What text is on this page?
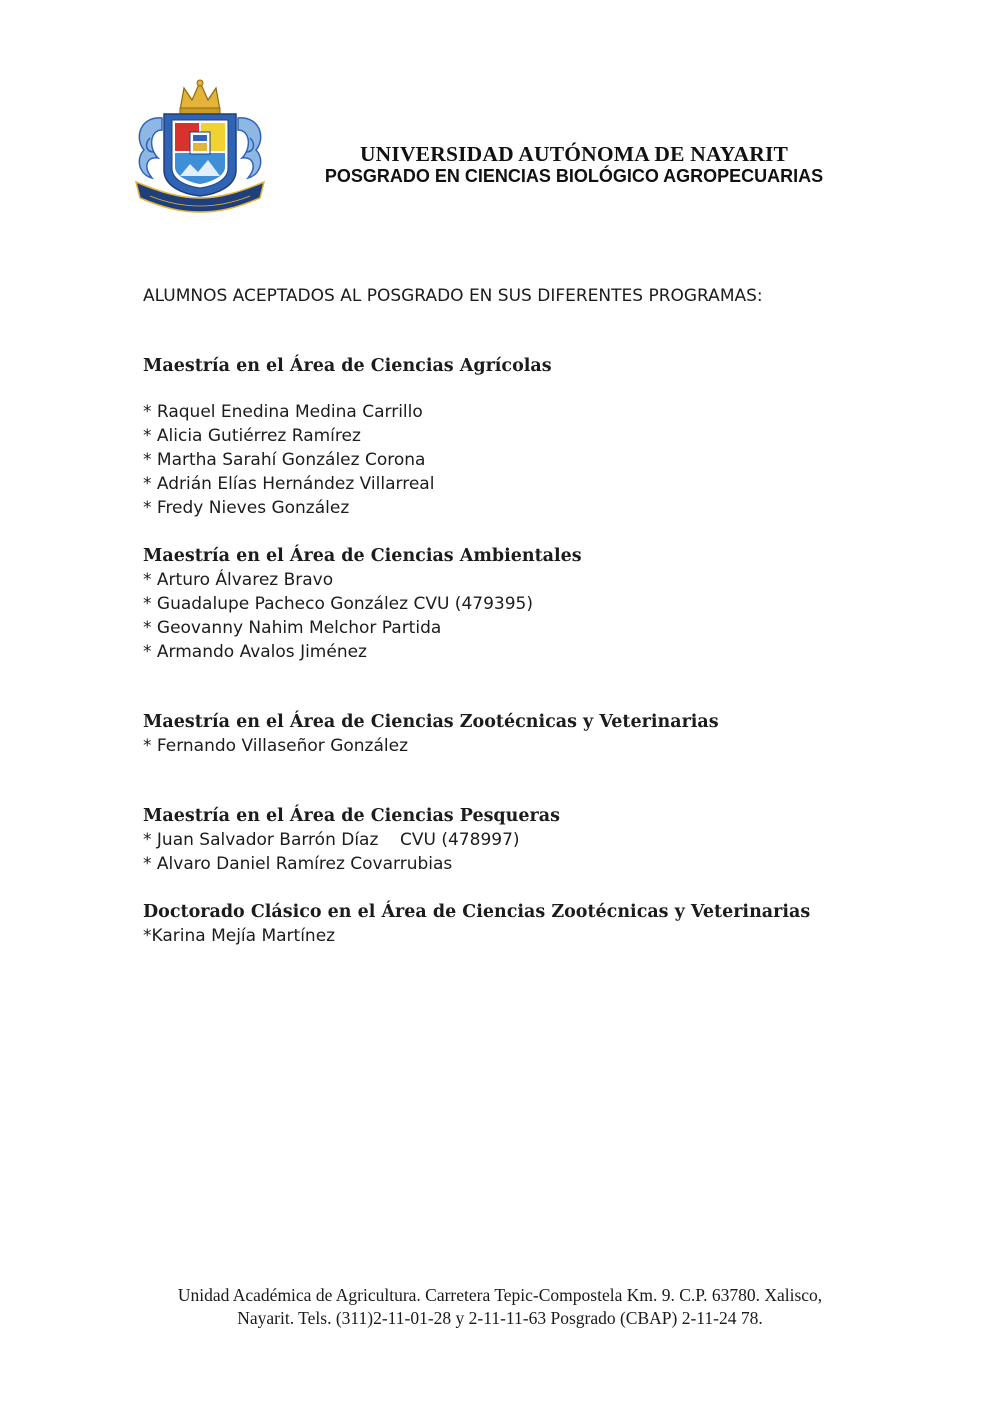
UNIVERSIDAD AUTÓNOMA DE NAYARIT
POSGRADO EN CIENCIAS BIOLÓGICO AGROPECUARIAS

ALUMNOS ACEPTADOS AL POSGRADO EN SUS DIFERENTES PROGRAMAS:

Maestría en el Área de Ciencias Agrícolas

* Raquel Enedina Medina Carrillo

* Alicia Gutiérrez Ramírez

* Martha Sarahí González Corona

* Adrián Elías Hernández Villarreal

* Fredy Nieves González

Maestría en el Área de Ciencias Ambientales

* Arturo Álvarez Bravo

* Guadalupe Pacheco González CVU (479395)

* Geovanny Nahim Melchor Partida

* Armando Avalos Jiménez

Maestría en el Área de Ciencias Zootécnicas y Veterinarias

* Fernando Villaseñor González

Maestría en el Área de Ciencias Pesqueras

* Juan Salvador Barrón Díaz    CVU (478997)

* Alvaro Daniel Ramírez Covarrubias

Doctorado Clásico en el Área de Ciencias Zootécnicas y Veterinarias

*Karina Mejía Martínez

Unidad Académica de Agricultura. Carretera Tepic-Compostela Km. 9. C.P. 63780. Xalisco,
Nayarit. Tels. (311)2-11-01-28 y 2-11-11-63 Posgrado (CBAP) 2-11-24 78.
